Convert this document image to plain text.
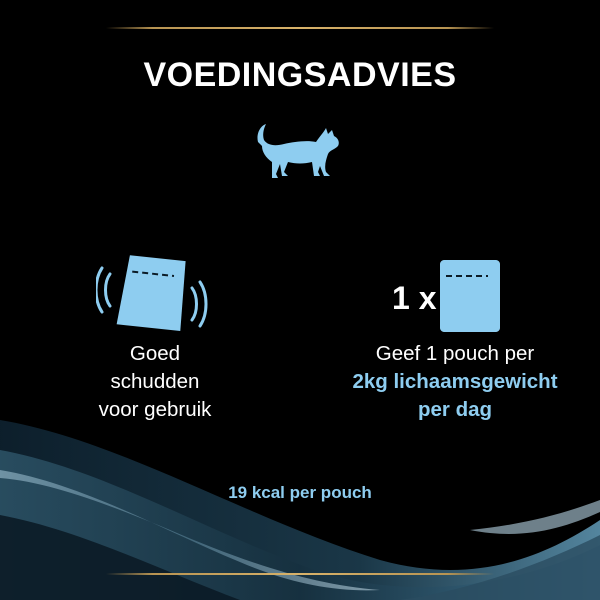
VOEDINGSADVIES
1 x
Goed
schudden
voor gebruik
Geef 1 pouch per
2kg lichaamsgewicht
per dag
19 kcal per pouch
